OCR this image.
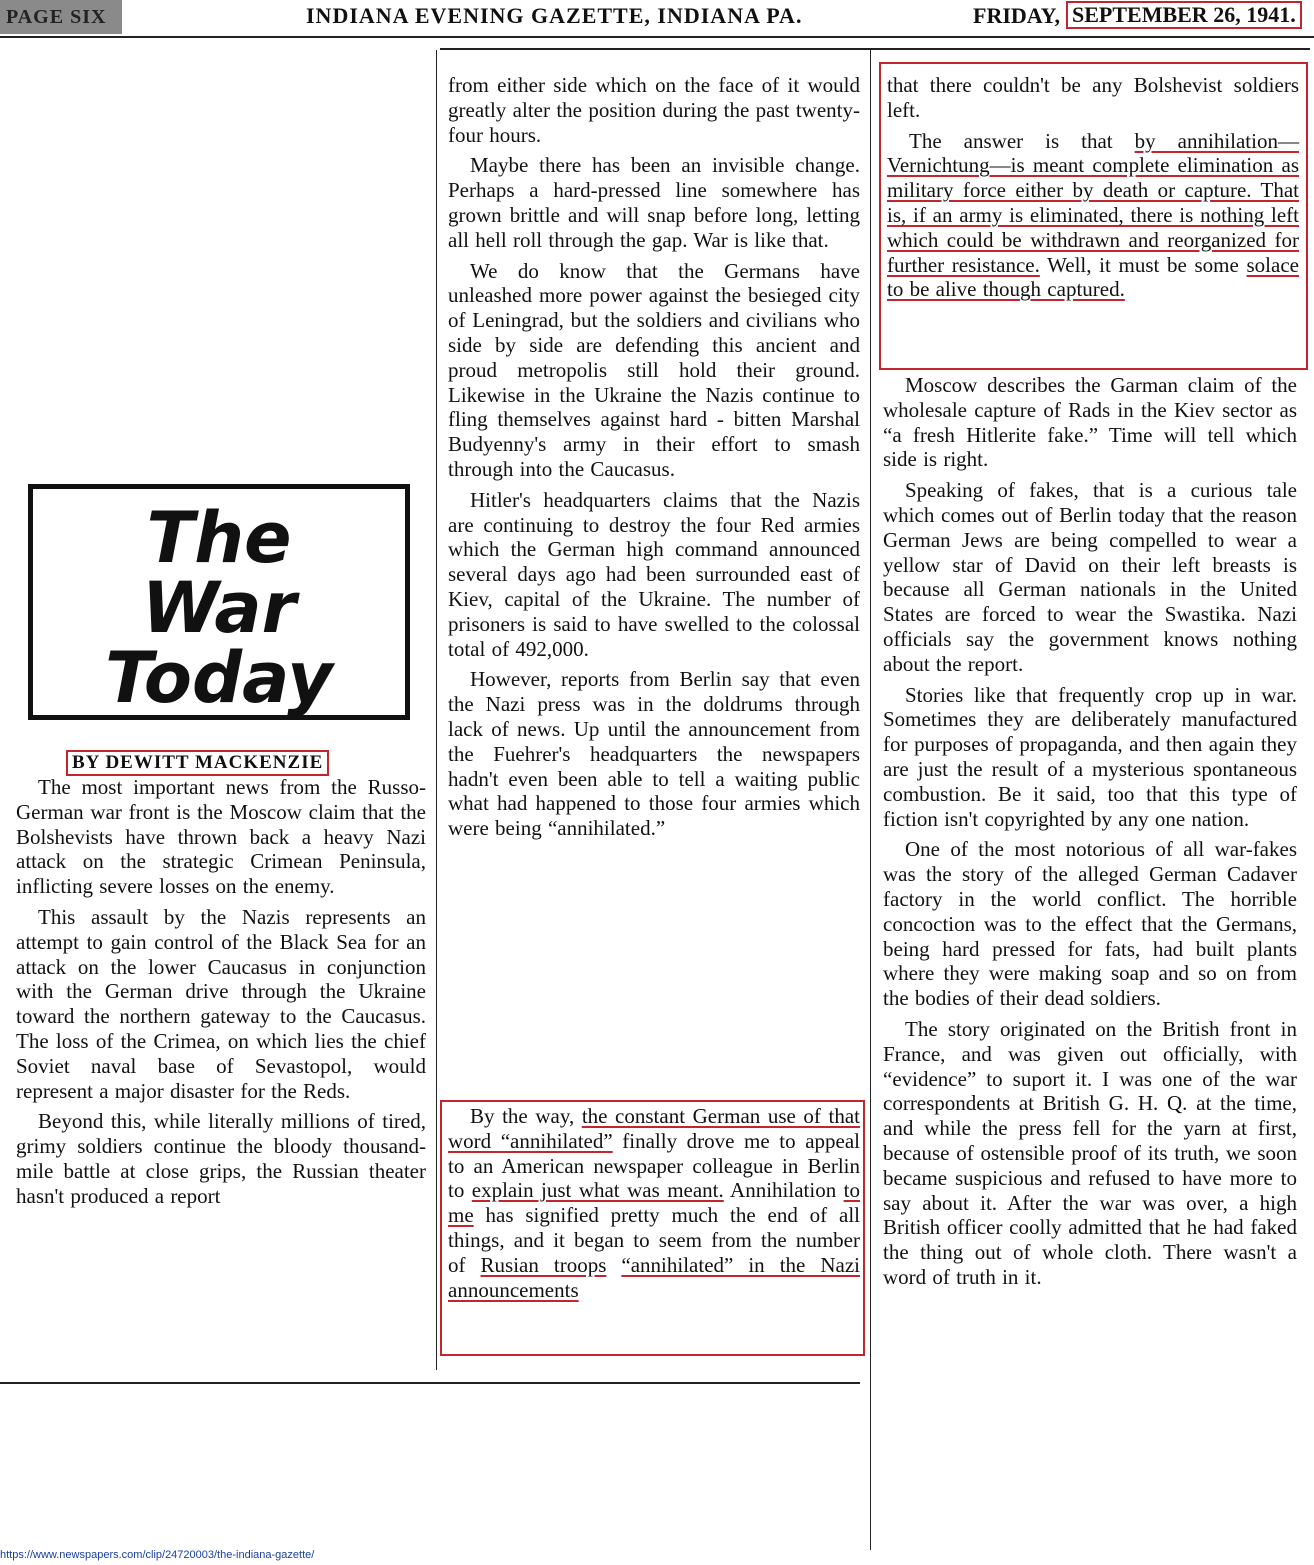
PAGE SIX	INDIANA EVENING GAZETTE, INDIANA PA.	FRIDAY, SEPTEMBER 26, 1941.
The
War
Today
BY DEWITT MACKENZIE

The most important news from the Russo-German war front is the Moscow claim that the Bolshevists have thrown back a heavy Nazi attack on the strategic Crimean Peninsula, inflicting severe losses on the enemy.

This assault by the Nazis represents an attempt to gain control of the Black Sea for an attack on the lower Caucasus in conjunction with the German drive through the Ukraine toward the northern gateway to the Caucasus. The loss of the Crimea, on which lies the chief Soviet naval base of Sevastopol, would represent a major disaster for the Reds.

Beyond this, while literally millions of tired, grimy soldiers continue the bloody thousand-mile battle at close grips, the Russian theater hasn't produced a report

from either side which on the face of it would greatly alter the position during the past twenty-four hours.

Maybe there has been an invisible change. Perhaps a hard-pressed line somewhere has grown brittle and will snap before long, letting all hell roll through the gap. War is like that.

We do know that the Germans have unleashed more power against the besieged city of Leningrad, but the soldiers and civilians who side by side are defending this ancient and proud metropolis still hold their ground. Likewise in the Ukraine the Nazis continue to fling themselves against hard - bitten Marshal Budyenny's army in their effort to smash through into the Caucasus.

Hitler's headquarters claims that the Nazis are continuing to destroy the four Red armies which the German high command announced several days ago had been surrounded east of Kiev, capital of the Ukraine. The number of prisoners is said to have swelled to the colossal total of 492,000.

However, reports from Berlin say that even the Nazi press was in the doldrums through lack of news. Up until the announcement from the Fuehrer's headquarters the newspapers hadn't even been able to tell a waiting public what had happened to those four armies which were being “annihilated.”

By the way, the constant German use of that word “annihilated” finally drove me to appeal to an American newspaper colleague in Berlin to explain just what was meant. Annihilation to me has signified pretty much the end of all things, and it began to seem from the number of Rusian troops “annihilated” in the Nazi announcements

that there couldn't be any Bolshevist soldiers left.

The answer is that by annihilation—Vernichtung—is meant complete elimination as military force either by death or capture. That is, if an army is eliminated, there is nothing left which could be withdrawn and reorganized for further resistance. Well, it must be some solace to be alive though captured.

Moscow describes the Garman claim of the wholesale capture of Rads in the Kiev sector as “a fresh Hitlerite fake.” Time will tell which side is right.

Speaking of fakes, that is a curious tale which comes out of Berlin today that the reason German Jews are being compelled to wear a yellow star of David on their left breasts is because all German nationals in the United States are forced to wear the Swastika. Nazi officials say the government knows nothing about the report.

Stories like that frequently crop up in war. Sometimes they are deliberately manufactured for purposes of propaganda, and then again they are just the result of a mysterious spontaneous combustion. Be it said, too that this type of fiction isn't copyrighted by any one nation.

One of the most notorious of all war-fakes was the story of the alleged German Cadaver factory in the world conflict. The horrible concoction was to the effect that the Germans, being hard pressed for fats, had built plants where they were making soap and so on from the bodies of their dead soldiers.

The story originated on the British front in France, and was given out officially, with “evidence” to suport it. I was one of the war correspondents at British G. H. Q. at the time, and while the press fell for the yarn at first, because of ostensible proof of its truth, we soon became suspicious and refused to have more to say about it. After the war was over, a high British officer coolly admitted that he had faked the thing out of whole cloth. There wasn't a word of truth in it.

https://www.newspapers.com/clip/24720003/the-indiana-gazette/
